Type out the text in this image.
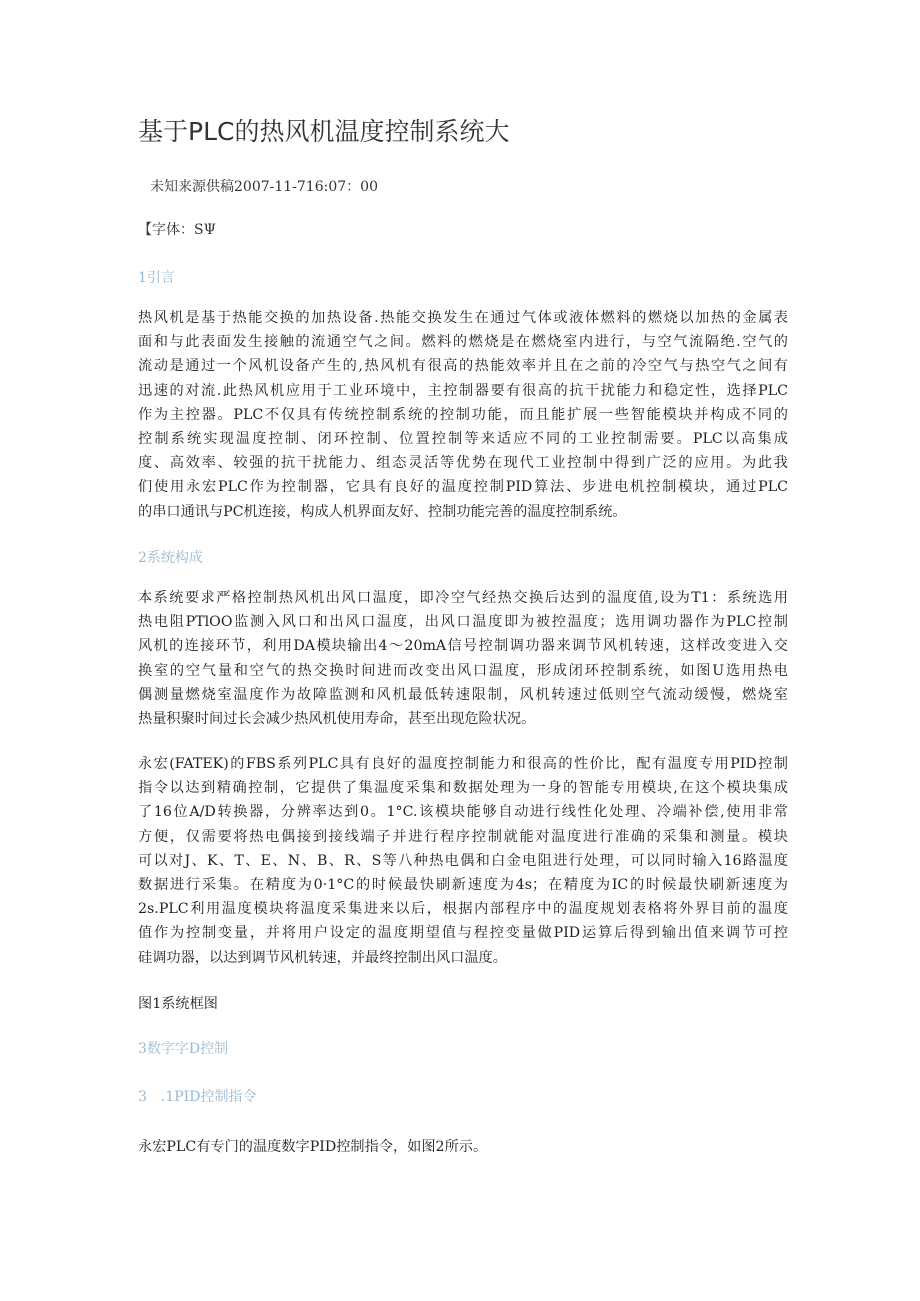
基于PLC的热风机温度控制系统大
未知来源供稿2007-11-716:07：00
【字体：SΨ
1引言
热风机是基于热能交换的加热设备.热能交换发生在通过气体或液体燃料的燃烧以加热的金属表
面和与此表面发生接触的流通空气之间。燃料的燃烧是在燃烧室内进行，与空气流隔绝.空气的
流动是通过一个风机设备产生的,热风机有很高的热能效率并且在之前的冷空气与热空气之间有
迅速的对流.此热风机应用于工业环境中，主控制器要有很高的抗干扰能力和稳定性，选择PLC
作为主控器。PLC不仅具有传统控制系统的控制功能，而且能扩展一些智能模块并构成不同的
控制系统实现温度控制、闭环控制、位置控制等来适应不同的工业控制需要。PLC以高集成
度、高效率、较强的抗干扰能力、组态灵活等优势在现代工业控制中得到广泛的应用。为此我
们使用永宏PLC作为控制器，它具有良好的温度控制PID算法、步进电机控制模块，通过PLC
的串口通讯与PC机连接，构成人机界面友好、控制功能完善的温度控制系统。
2系统构成
本系统要求严格控制热风机出风口温度，即冷空气经热交换后达到的温度值,设为T1：系统选用
热电阻PTlOO监测入风口和出风口温度，出风口温度即为被控温度；选用调功器作为PLC控制
风机的连接环节，利用DA模块输出4～20mA信号控制调功器来调节风机转速，这样改变进入交
换室的空气量和空气的热交换时间进而改变出风口温度，形成闭环控制系统，如图U选用热电
偶测量燃烧室温度作为故障监测和风机最低转速限制，风机转速过低则空气流动缓慢，燃烧室
热量积聚时间过长会减少热风机使用寿命，甚至出现危险状况。
永宏(FATEK)的FBS系列PLC具有良好的温度控制能力和很高的性价比，配有温度专用PID控制
指令以达到精确控制，它提供了集温度采集和数据处理为一身的智能专用模块,在这个模块集成
了16位A/D转换器，分辨率达到0。1°C.该模块能够自动进行线性化处理、冷端补偿,使用非常
方便，仅需要将热电偶接到接线端子并进行程序控制就能对温度进行准确的采集和测量。模块
可以对J、K、T、E、N、B、R、S等八种热电偶和白金电阻进行处理，可以同时输入16路温度
数据进行采集。在精度为0·1°C的时候最快刷新速度为4s；在精度为IC的时候最快刷新速度为
2s.PLC利用温度模块将温度采集进来以后，根据内部程序中的温度规划表格将外界目前的温度
值作为控制变量，并将用户设定的温度期望值与程控变量做PID运算后得到输出值来调节可控
硅调功器，以达到调节风机转速，并最终控制出风口温度。
图1系统框图
3数字字D控制
3　.1PID控制指令
永宏PLC有专门的温度数字PID控制指令，如图2所示。
